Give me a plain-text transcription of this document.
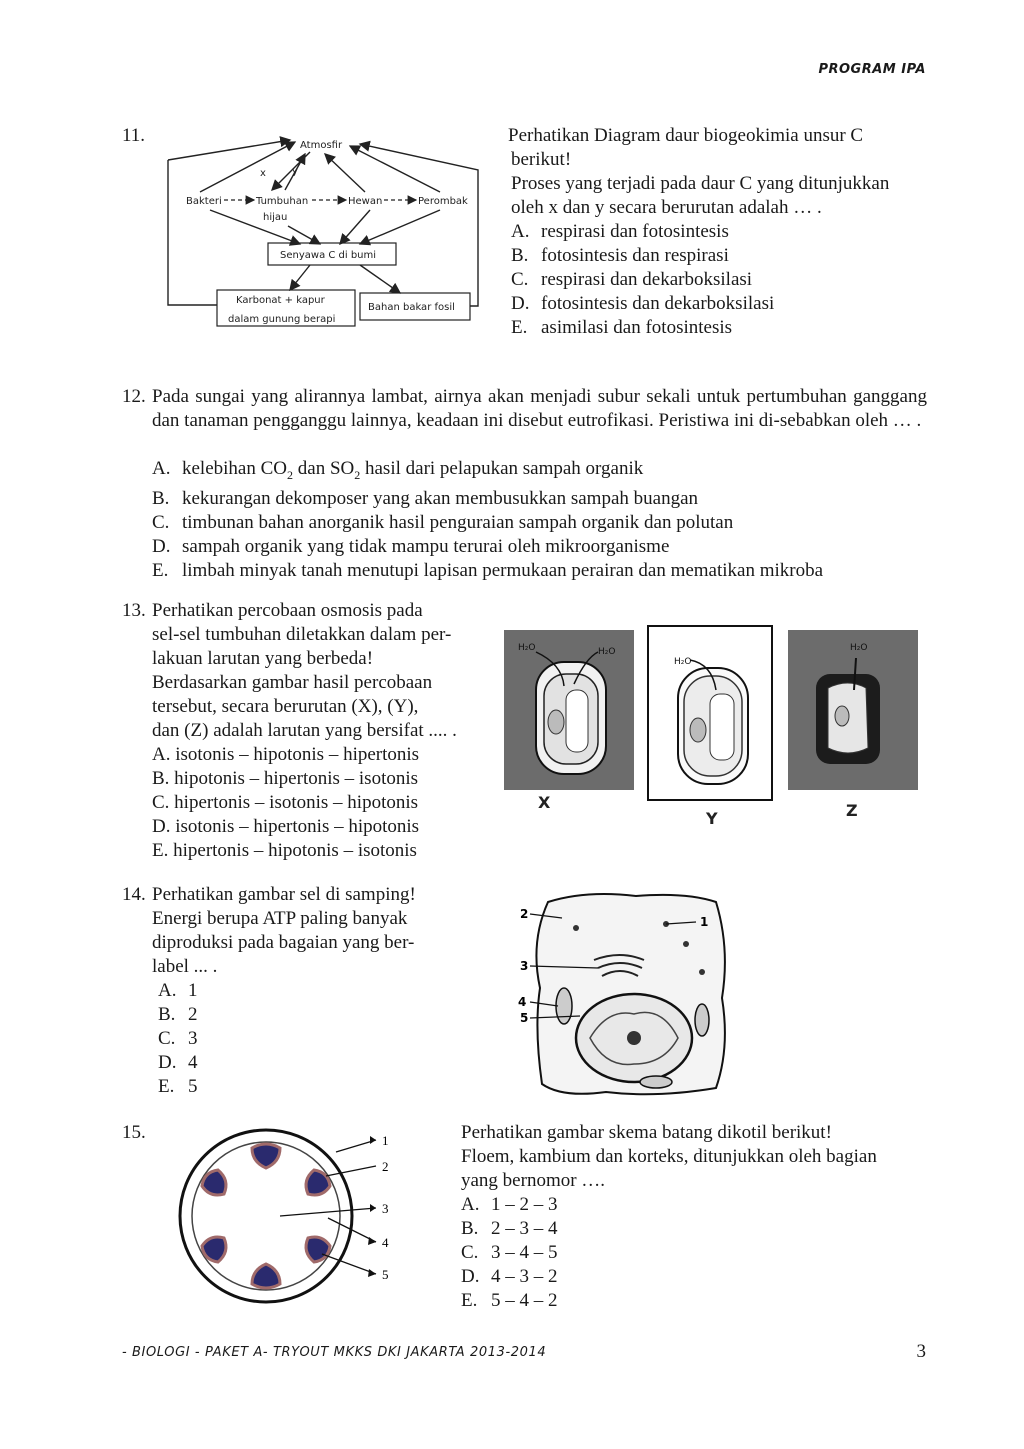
PROGRAM IPA
11.	Atmosfir
x	y
Bakteri	Tumbuhan
hijau
Hewan	Perombak
Senyawa C di bumi
Karbonat + kapur
dalam gunung berapi
Bahan bakar fosil
Perhatikan Diagram daur biogeokimia unsur C
berikut!
Proses yang terjadi pada daur C yang ditunjukkan
oleh x dan y secara berurutan adalah … .
A. respirasi dan fotosintesis
B. fotosintesis dan respirasi
C. respirasi dan dekarboksilasi
D. fotosintesis dan dekarboksilasi
E. asimilasi dan fotosintesis
12. Pada sungai yang alirannya lambat, airnya akan menjadi subur sekali untuk pertumbuhan ganggang dan tanaman pengganggu lainnya, keadaan ini disebut eutrofikasi. Peristiwa ini di-sebabkan oleh … .
A. kelebihan $CO_2$ dan $SO_2$ hasil dari pelapukan sampah organik
B. kekurangan dekomposer yang akan membusukkan sampah buangan
C. timbunan bahan anorganik hasil penguraian sampah organik dan polutan
D. sampah organik yang tidak mampu terurai oleh mikroorganisme
E. limbah minyak tanah menutupi lapisan permukaan perairan dan mematikan mikroba
13. Perhatikan percobaan osmosis pada
sel-sel tumbuhan diletakkan dalam per-
lakuan larutan yang berbeda!
Berdasarkan gambar hasil percobaan
tersebut, secara berurutan (X), (Y),
dan (Z) adalah larutan yang bersifat .... .
A. isotonis – hipotonis – hipertonis
B. hipotonis – hipertonis – isotonis
C. hipertonis – isotonis – hipotonis
D. isotonis – hipertonis – hipotonis
E. hipertonis – hipotonis – isotonis
H₂O	H₂O
X
H₂O
Y
H₂O
Z
14. Perhatikan gambar sel di samping!
Energi berupa ATP paling banyak
diproduksi pada bagaian yang ber-
label ... .
A. 1
B. 2
C. 3
D. 4
E. 5
1
2
3
4
5
15.	1
2
3
4
5
Perhatikan gambar skema batang dikotil berikut!
Floem, kambium dan korteks, ditunjukkan oleh bagian
yang bernomor ….
A. 1 – 2 – 3
B. 2 – 3 – 4
C. 3 – 4 – 5
D. 4 – 3 – 2
E. 5 – 4 – 2
- BIOLOGI - PAKET A- TRYOUT MKKS DKI JAKARTA 2013-2014	3
